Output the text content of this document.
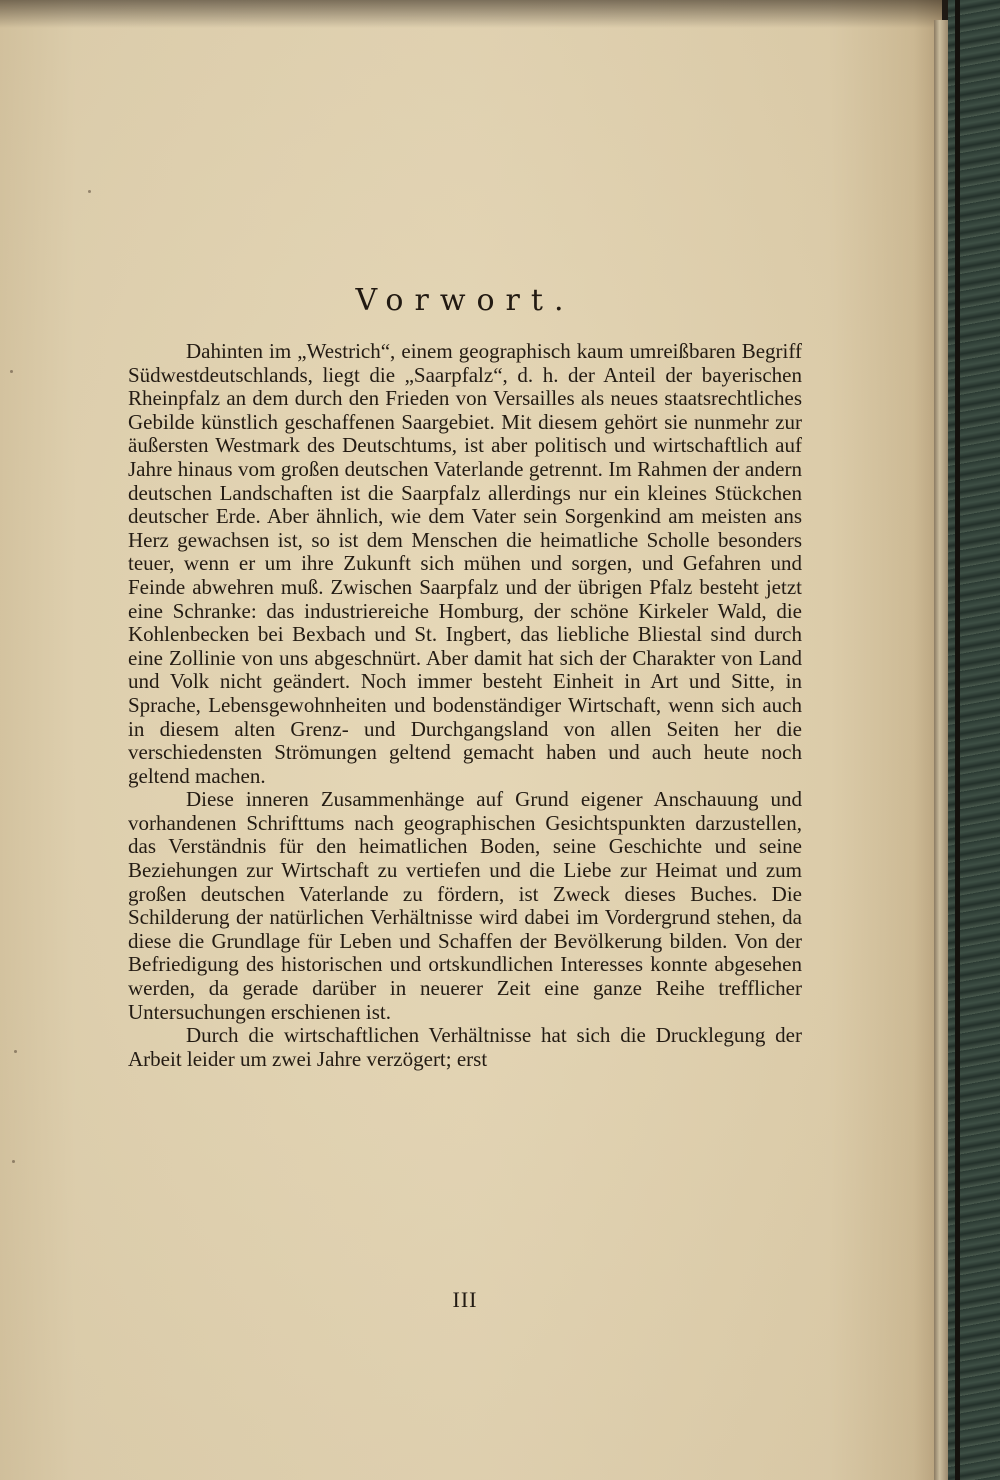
Vorwort.

Dahinten im „Westrich“, einem geographisch kaum umreißbaren Begriff Südwestdeutschlands, liegt die „Saarpfalz“, d. h. der Anteil der bayerischen Rheinpfalz an dem durch den Frieden von Versailles als neues staatsrechtliches Gebilde künstlich geschaffenen Saargebiet. Mit diesem gehört sie nunmehr zur äußersten Westmark des Deutschtums, ist aber politisch und wirtschaftlich auf Jahre hinaus vom großen deutschen Vaterlande getrennt. Im Rahmen der andern deutschen Landschaften ist die Saarpfalz allerdings nur ein kleines Stückchen deutscher Erde. Aber ähnlich, wie dem Vater sein Sorgenkind am meisten ans Herz gewachsen ist, so ist dem Menschen die heimatliche Scholle besonders teuer, wenn er um ihre Zukunft sich mühen und sorgen, und Gefahren und Feinde abwehren muß. Zwischen Saarpfalz und der übrigen Pfalz besteht jetzt eine Schranke: das industriereiche Homburg, der schöne Kirkeler Wald, die Kohlenbecken bei Bexbach und St. Ingbert, das liebliche Bliestal sind durch eine Zollinie von uns abgeschnürt. Aber damit hat sich der Charakter von Land und Volk nicht geändert. Noch immer besteht Einheit in Art und Sitte, in Sprache, Lebensgewohnheiten und bodenständiger Wirtschaft, wenn sich auch in diesem alten Grenz- und Durchgangsland von allen Seiten her die verschiedensten Strömungen geltend gemacht haben und auch heute noch geltend machen.

Diese inneren Zusammenhänge auf Grund eigener Anschauung und vorhandenen Schrifttums nach geographischen Gesichtspunkten darzustellen, das Verständnis für den heimatlichen Boden, seine Geschichte und seine Beziehungen zur Wirtschaft zu vertiefen und die Liebe zur Heimat und zum großen deutschen Vaterlande zu fördern, ist Zweck dieses Buches. Die Schilderung der natürlichen Verhältnisse wird dabei im Vordergrund stehen, da diese die Grundlage für Leben und Schaffen der Bevölkerung bilden. Von der Befriedigung des historischen und ortskundlichen Interesses konnte abgesehen werden, da gerade darüber in neuerer Zeit eine ganze Reihe trefflicher Untersuchungen erschienen ist.

Durch die wirtschaftlichen Verhältnisse hat sich die Drucklegung der Arbeit leider um zwei Jahre verzögert; erst

III
